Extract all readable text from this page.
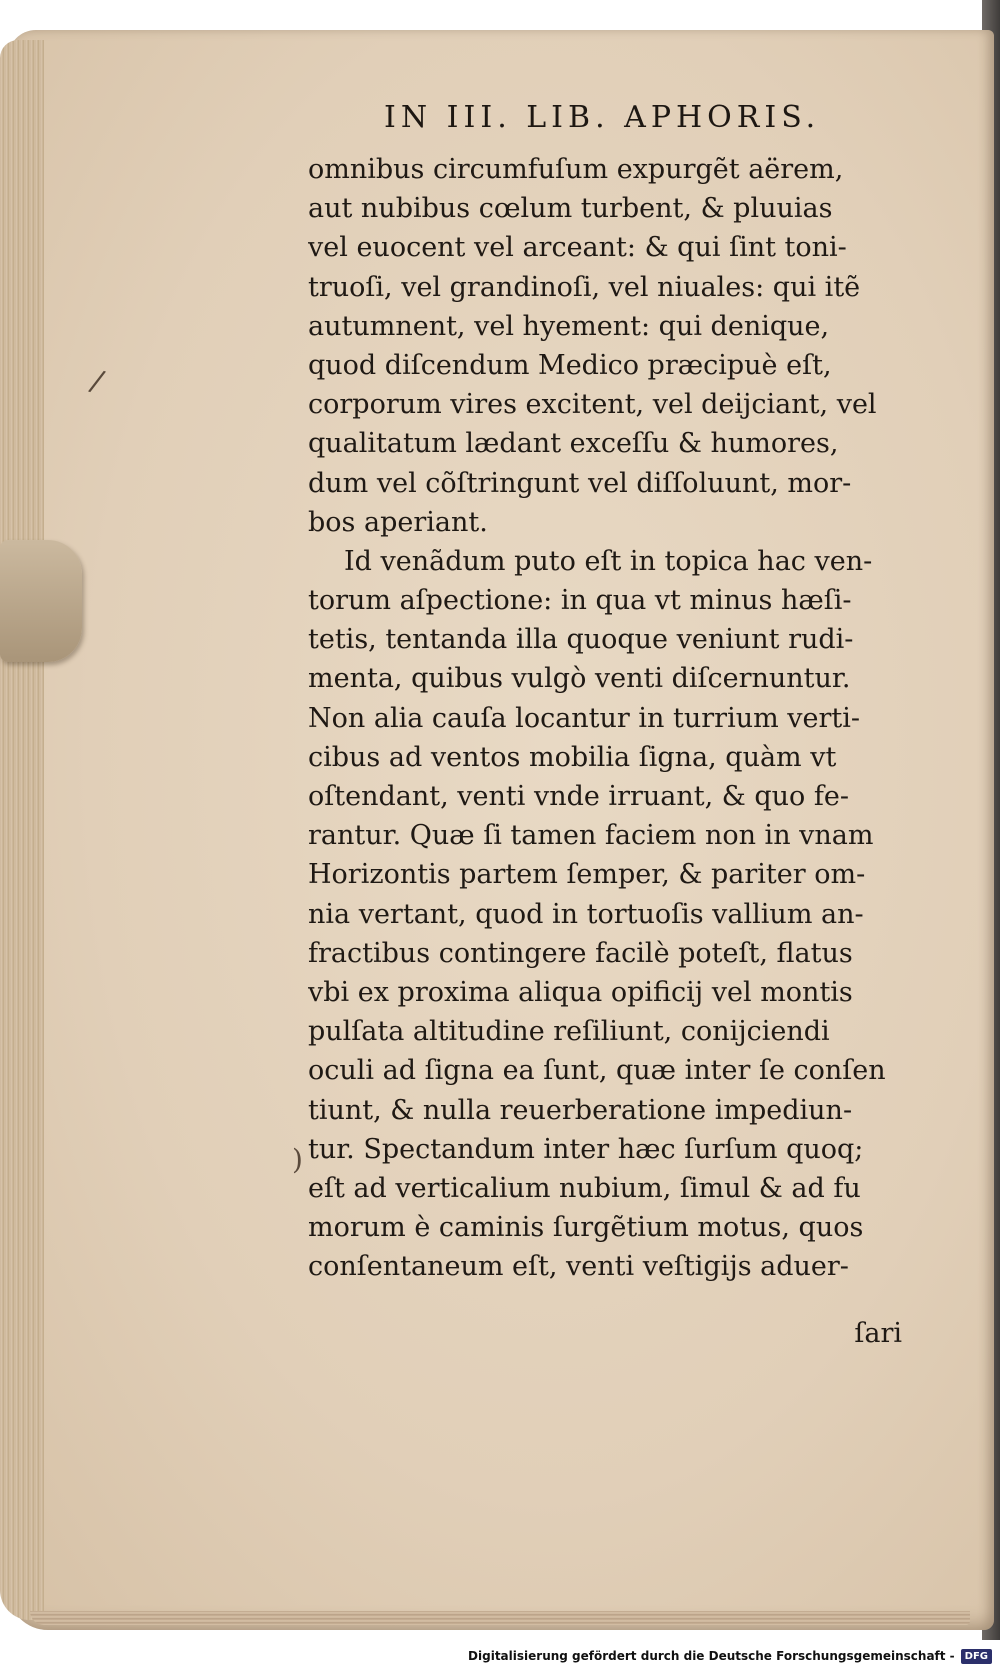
IN III. LIB. APHORIS.
omnibus circumfuſum expurgẽt aërem,
aut nubibus cœlum turbent, & pluuias
vel euocent vel arceant: & qui ſint toni-
truoſi, vel grandinoſi, vel niuales: qui itẽ
autumnent, vel hyement: qui denique,
quod diſcendum Medico præcipuè eſt,
corporum vires excitent, vel deijciant, vel
qualitatum lædant exceſſu & humores,
dum vel cõſtringunt vel diſſoluunt, mor-
bos aperiant.
Id venãdum puto eſt in topica hac ven-
torum aſpectione: in qua vt minus hæſi-
tetis, tentanda illa quoque veniunt rudi-
menta, quibus vulgò venti diſcernuntur.
Non alia cauſa locantur in turrium verti-
cibus ad ventos mobilia ſigna, quàm vt
oſtendant, venti vnde irruant, & quo fe-
rantur. Quæ ſi tamen faciem non in vnam
Horizontis partem ſemper, & pariter om-
nia vertant, quod in tortuoſis vallium an-
fractibus contingere facilè poteſt, flatus
vbi ex proxima aliqua opificij vel montis
pulſata altitudine reſiliunt, conijciendi
oculi ad ſigna ea ſunt, quæ inter ſe conſen
tiunt, & nulla reuerberatione impediun-
tur. Spectandum inter hæc ſurſum quoq;
eſt ad verticalium nubium, ſimul & ad fu
morum è caminis ſurgẽtium motus, quos
conſentaneum eſt, venti veſtigijs aduer-
ſari
/
)
Digitalisierung gefördert durch die Deutsche Forschungsgemeinschaft -	DFG
